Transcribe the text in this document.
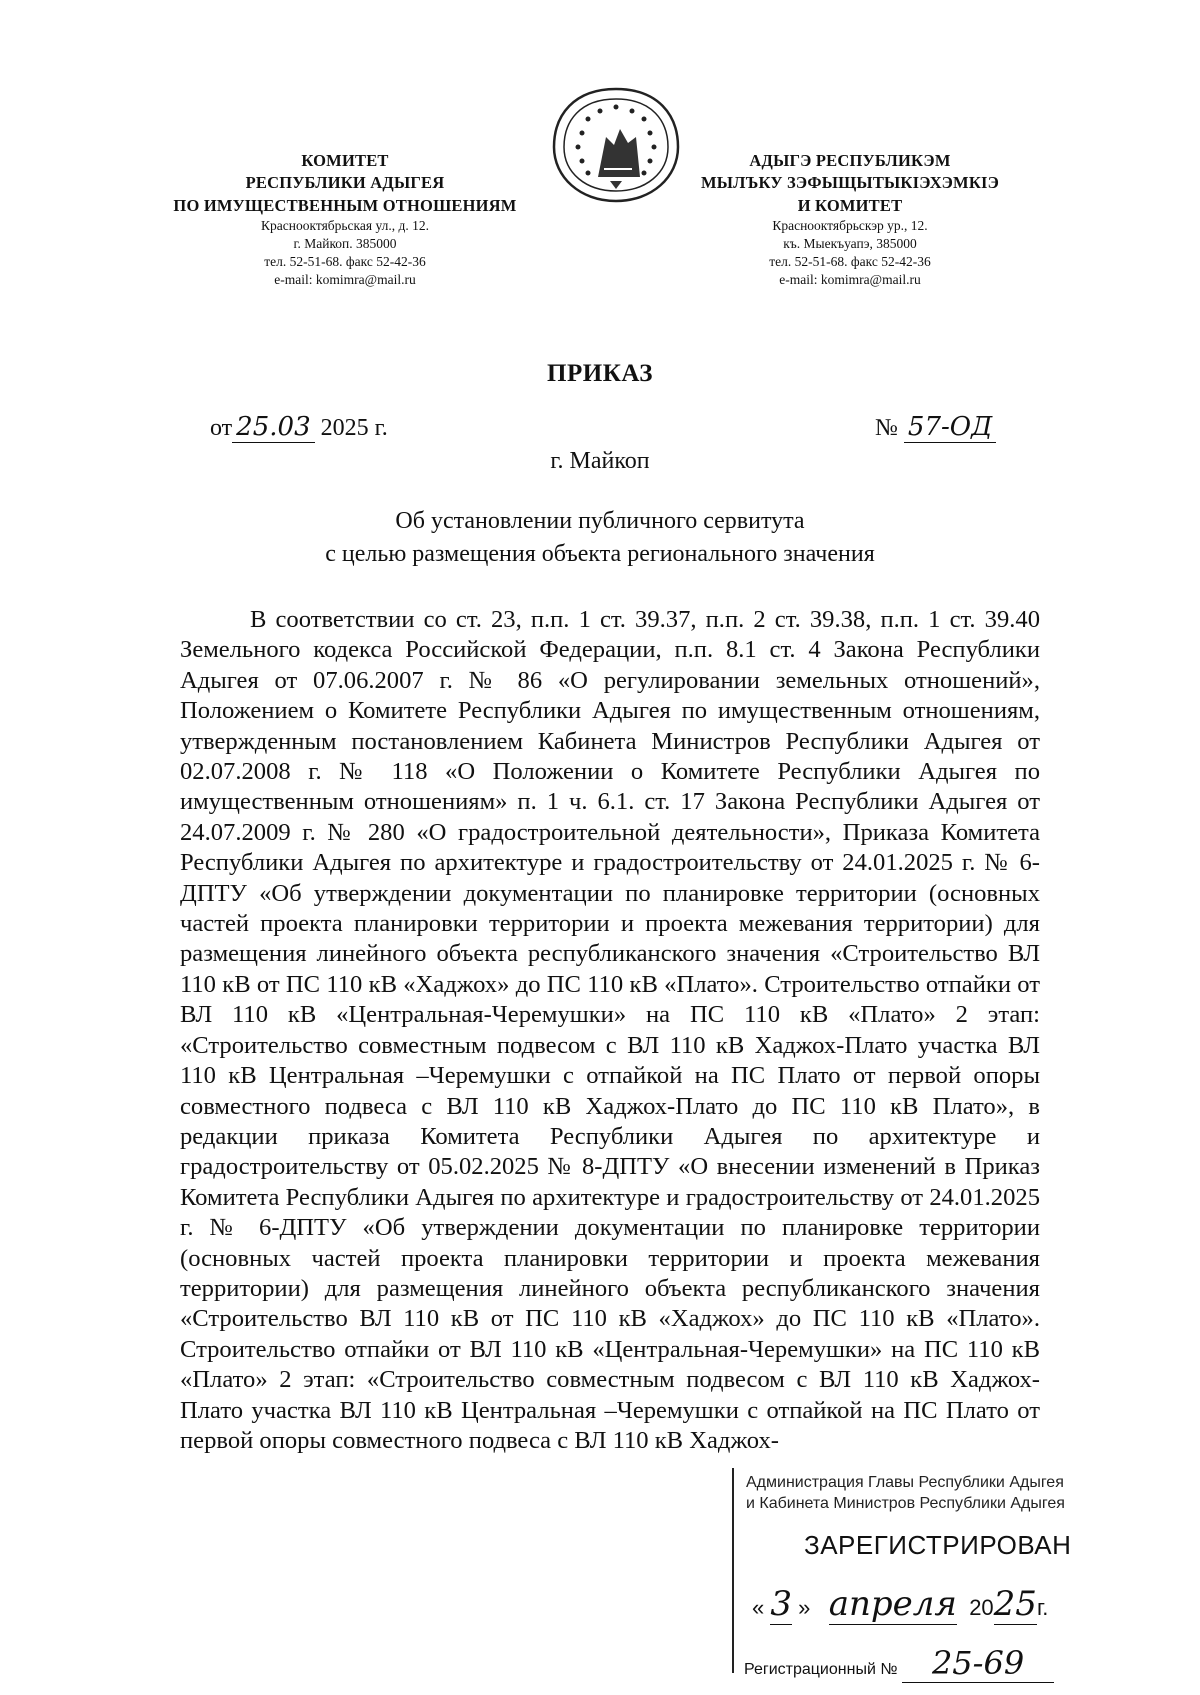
КОМИТЕТ
РЕСПУБЛИКИ АДЫГЕЯ
ПО ИМУЩЕСТВЕННЫМ ОТНОШЕНИЯМ
Краснооктябрьская ул., д. 12.
г. Майкоп. 385000
тел. 52-51-68. факс 52-42-36
e-mail: komimra@mail.ru
АДЫГЭ РЕСПУБЛИКЭМ
МЫЛЪКУ ЗЭФЫЩЫТЫКIЭХЭМКIЭ
И КОМИТЕТ
Краснооктябрьскэр ур., 12.
къ. Мыекъуапэ, 385000
тел. 52-51-68. факс 52-42-36
e-mail: komimra@mail.ru
ПРИКАЗ
от 25.03 2025 г.	№ 57-ОД
г. Майкоп
Об установлении публичного сервитута
с целью размещения объекта регионального значения
В соответствии со ст. 23, п.п. 1 ст. 39.37, п.п. 2 ст. 39.38, п.п. 1 ст. 39.40 Земельного кодекса Российской Федерации, п.п. 8.1 ст. 4 Закона Республики Адыгея от 07.06.2007 г. № 86 «О регулировании земельных отношений», Положением о Комитете Республики Адыгея по имущественным отношениям, утвержденным постановлением Кабинета Министров Республики Адыгея от 02.07.2008 г. № 118 «О Положении о Комитете Республики Адыгея по имущественным отношениям» п. 1 ч. 6.1. ст. 17 Закона Республики Адыгея от 24.07.2009 г. № 280 «О градостроительной деятельности», Приказа Комитета Республики Адыгея по архитектуре и градостроительству от 24.01.2025 г. № 6-ДПТУ «Об утверждении документации по планировке территории (основных частей проекта планировки территории и проекта межевания территории) для размещения линейного объекта республиканского значения «Строительство ВЛ 110 кВ от ПС 110 кВ «Хаджох» до ПС 110 кВ «Плато». Строительство отпайки от ВЛ 110 кВ «Центральная-Черемушки» на ПС 110 кВ «Плато» 2 этап: «Строительство совместным подвесом с ВЛ 110 кВ Хаджох-Плато участка ВЛ 110 кВ Центральная –Черемушки с отпайкой на ПС Плато от первой опоры совместного подвеса с ВЛ 110 кВ Хаджох-Плато до ПС 110 кВ Плато», в редакции приказа Комитета Республики Адыгея по архитектуре и градостроительству от 05.02.2025 № 8-ДПТУ «О внесении изменений в Приказ Комитета Республики Адыгея по архитектуре и градостроительству от 24.01.2025 г. № 6-ДПТУ «Об утверждении документации по планировке территории (основных частей проекта планировки территории и проекта межевания территории) для размещения линейного объекта республиканского значения «Строительство ВЛ 110 кВ от ПС 110 кВ «Хаджох» до ПС 110 кВ «Плато». Строительство отпайки от ВЛ 110 кВ «Центральная-Черемушки» на ПС 110 кВ «Плато» 2 этап: «Строительство совместным подвесом с ВЛ 110 кВ Хаджох-Плато участка ВЛ 110 кВ Центральная –Черемушки с отпайкой на ПС Плато от первой опоры совместного подвеса с ВЛ 110 кВ Хаджох-
Администрация Главы Республики Адыгея
и Кабинета Министров Республики Адыгея
ЗАРЕГИСТРИРОВАН
« 3 » апреля 2025г.
Регистрационный № 25-69
